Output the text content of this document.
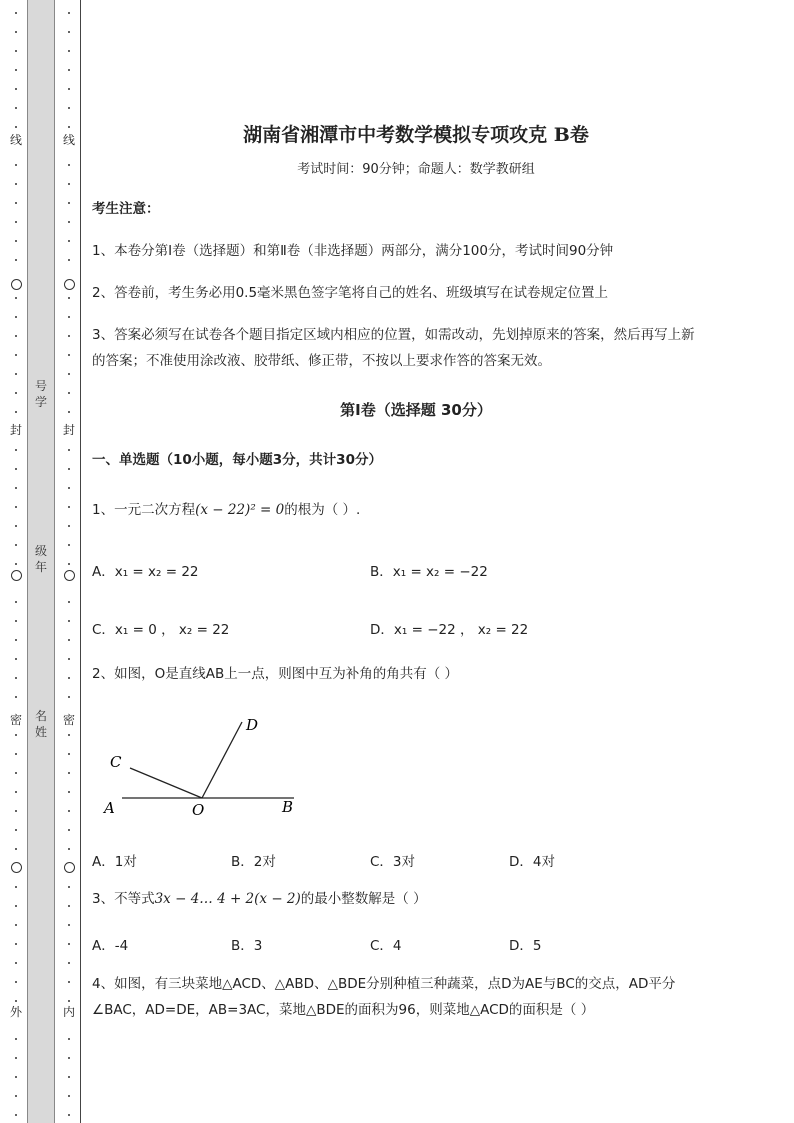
线
封
密
外
线
封
密
内
号
学
级
年
名
姓
湖南省湘潭市中考数学模拟专项攻克 B卷
考试时间：90分钟；命题人：数学教研组
考生注意：
1、本卷分第I卷（选择题）和第Ⅱ卷（非选择题）两部分，满分100分，考试时间90分钟
2、答卷前，考生务必用0.5毫米黑色签字笔将自己的姓名、班级填写在试卷规定位置上
3、答案必须写在试卷各个题目指定区域内相应的位置，如需改动，先划掉原来的答案，然后再写上新
的答案；不准使用涂改液、胶带纸、修正带，不按以上要求作答的答案无效。
第I卷（选择题 30分）
一、单选题（10小题，每小题3分，共计30分）
1、一元二次方程(x − 22)² = 0的根为（ ）.
A．x₁ = x₂ = 22	B．x₁ = x₂ = −22
C．x₁ = 0 ， x₂ = 22	D．x₁ = −22 ， x₂ = 22
2、如图，O是直线AB上一点，则图中互为补角的角共有（ ）
A	B
C
D
O
A．1对	B．2对	C．3对	D．4对
3、不等式3x − 4… 4 + 2(x − 2)的最小整数解是（ ）
A．-4	B．3	C．4	D．5
4、如图，有三块菜地△ACD、△ABD、△BDE分别种植三种蔬菜，点D为AE与BC的交点，AD平分
∠BAC，AD=DE，AB=3AC，菜地△BDE的面积为96，则菜地△ACD的面积是（ ）
